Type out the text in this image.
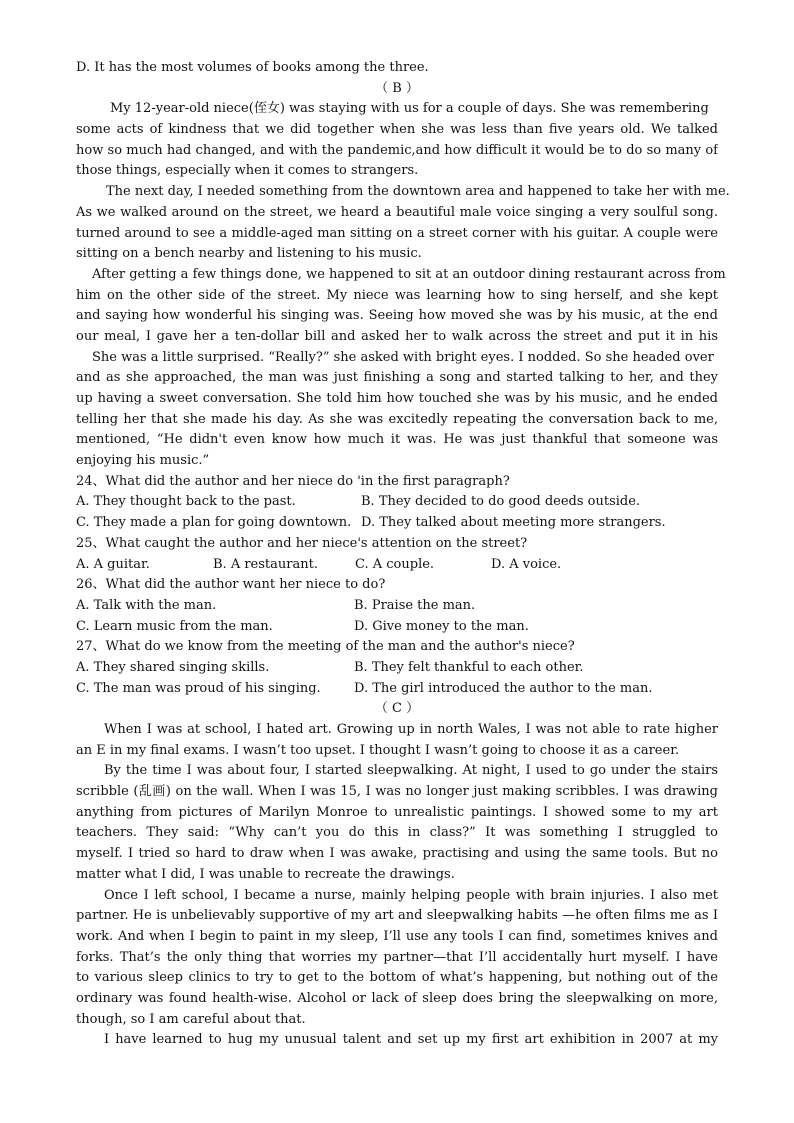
D. It has the most volumes of books among the three.
（ B ）
My 12-year-old niece(侄女) was staying with us for a couple of days. She was remembering
some acts of kindness that we did together when she was less than five years old. We talked
how so much had changed, and with the pandemic,and how difficult it would be to do so many of
those things, especially when it comes to strangers.
The next day, I needed something from the downtown area and happened to take her with me.
As we walked around on the street, we heard a beautiful male voice singing a very soulful song.
turned around to see a middle-aged man sitting on a street corner with his guitar. A couple were
sitting on a bench nearby and listening to his music.
After getting a few things done, we happened to sit at an outdoor dining restaurant across from
him on the other side of the street. My niece was learning how to sing herself, and she kept
and saying how wonderful his singing was. Seeing how moved she was by his music, at the end
our meal, I gave her a ten-dollar bill and asked her to walk across the street and put it in his
She was a little surprised. “Really?” she asked with bright eyes. I nodded. So she headed over
and as she approached, the man was just finishing a song and started talking to her, and they
up having a sweet conversation. She told him how touched she was by his music, and he ended
telling her that she made his day. As she was excitedly repeating the conversation back to me,
mentioned, “He didn't even know how much it was. He was just thankful that someone was
enjoying his music.”
24、What did the author and her niece do 'in the first paragraph?
A. They thought back to the past.	B. They decided to do good deeds outside.
C. They made a plan for going downtown. D. They talked about meeting more strangers.
25、What caught the author and her niece's attention on the street?
A. A guitar.	B. A restaurant.	C. A couple.	D. A voice.
26、What did the author want her niece to do?
A. Talk with the man.	B. Praise the man.
C. Learn music from the man.	D. Give money to the man.
27、What do we know from the meeting of the man and the author's niece?
A. They shared singing skills.	B. They felt thankful to each other.
C. The man was proud of his singing.	D. The girl introduced the author to the man.
（ C ）
When I was at school, I hated art. Growing up in north Wales, I was not able to rate higher
an E in my final exams. I wasn’t too upset. I thought I wasn’t going to choose it as a career.
By the time I was about four, I started sleepwalking. At night, I used to go under the stairs
scribble (乱画) on the wall. When I was 15, I was no longer just making scribbles. I was drawing
anything from pictures of Marilyn Monroe to unrealistic paintings. I showed some to my art
teachers. They said: “Why can’t you do this in class?” It was something I struggled to
myself. I tried so hard to draw when I was awake, practising and using the same tools. But no
matter what I did, I was unable to recreate the drawings.
Once I left school, I became a nurse, mainly helping people with brain injuries. I also met
partner. He is unbelievably supportive of my art and sleepwalking habits —he often films me as I
work. And when I begin to paint in my sleep, I’ll use any tools I can find, sometimes knives and
forks. That’s the only thing that worries my partner—that I’ll accidentally hurt myself. I have
to various sleep clinics to try to get to the bottom of what’s happening, but nothing out of the
ordinary was found health-wise. Alcohol or lack of sleep does bring the sleepwalking on more,
though, so I am careful about that.
I have learned to hug my unusual talent and set up my first art exhibition in 2007 at my
